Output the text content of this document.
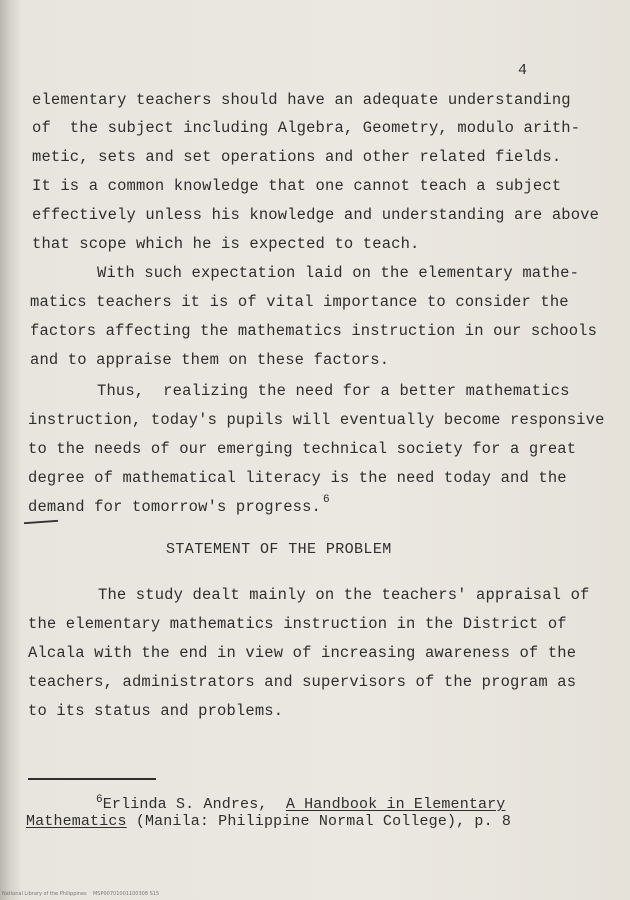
4
elementary teachers should have an adequate understanding
of  the subject including Algebra, Geometry, modulo arith-
metic, sets and set operations and other related fields.
It is a common knowledge that one cannot teach a subject
effectively unless his knowledge and understanding are above
that scope which he is expected to teach.
With such expectation laid on the elementary mathe-
matics teachers it is of vital importance to consider the
factors affecting the mathematics instruction in our schools
and to appraise them on these factors.
Thus,  realizing the need for a better mathematics
instruction, today's pupils will eventually become responsive
to the needs of our emerging technical society for a great
degree of mathematical literacy is the need today and the
demand for tomorrow's progress. $^6$
STATEMENT OF THE PROBLEM
The study dealt mainly on the teachers' appraisal of
the elementary mathematics instruction in the District of
Alcala with the end in view of increasing awareness of the
teachers, administrators and supervisors of the program as
to its status and problems.
$^6$Erlinda S. Andres, A Handbook in Elementary
Mathematics (Manila: Philippine Normal College), p. 8
National Library of the Philippines    MSP00701001100308 S15
